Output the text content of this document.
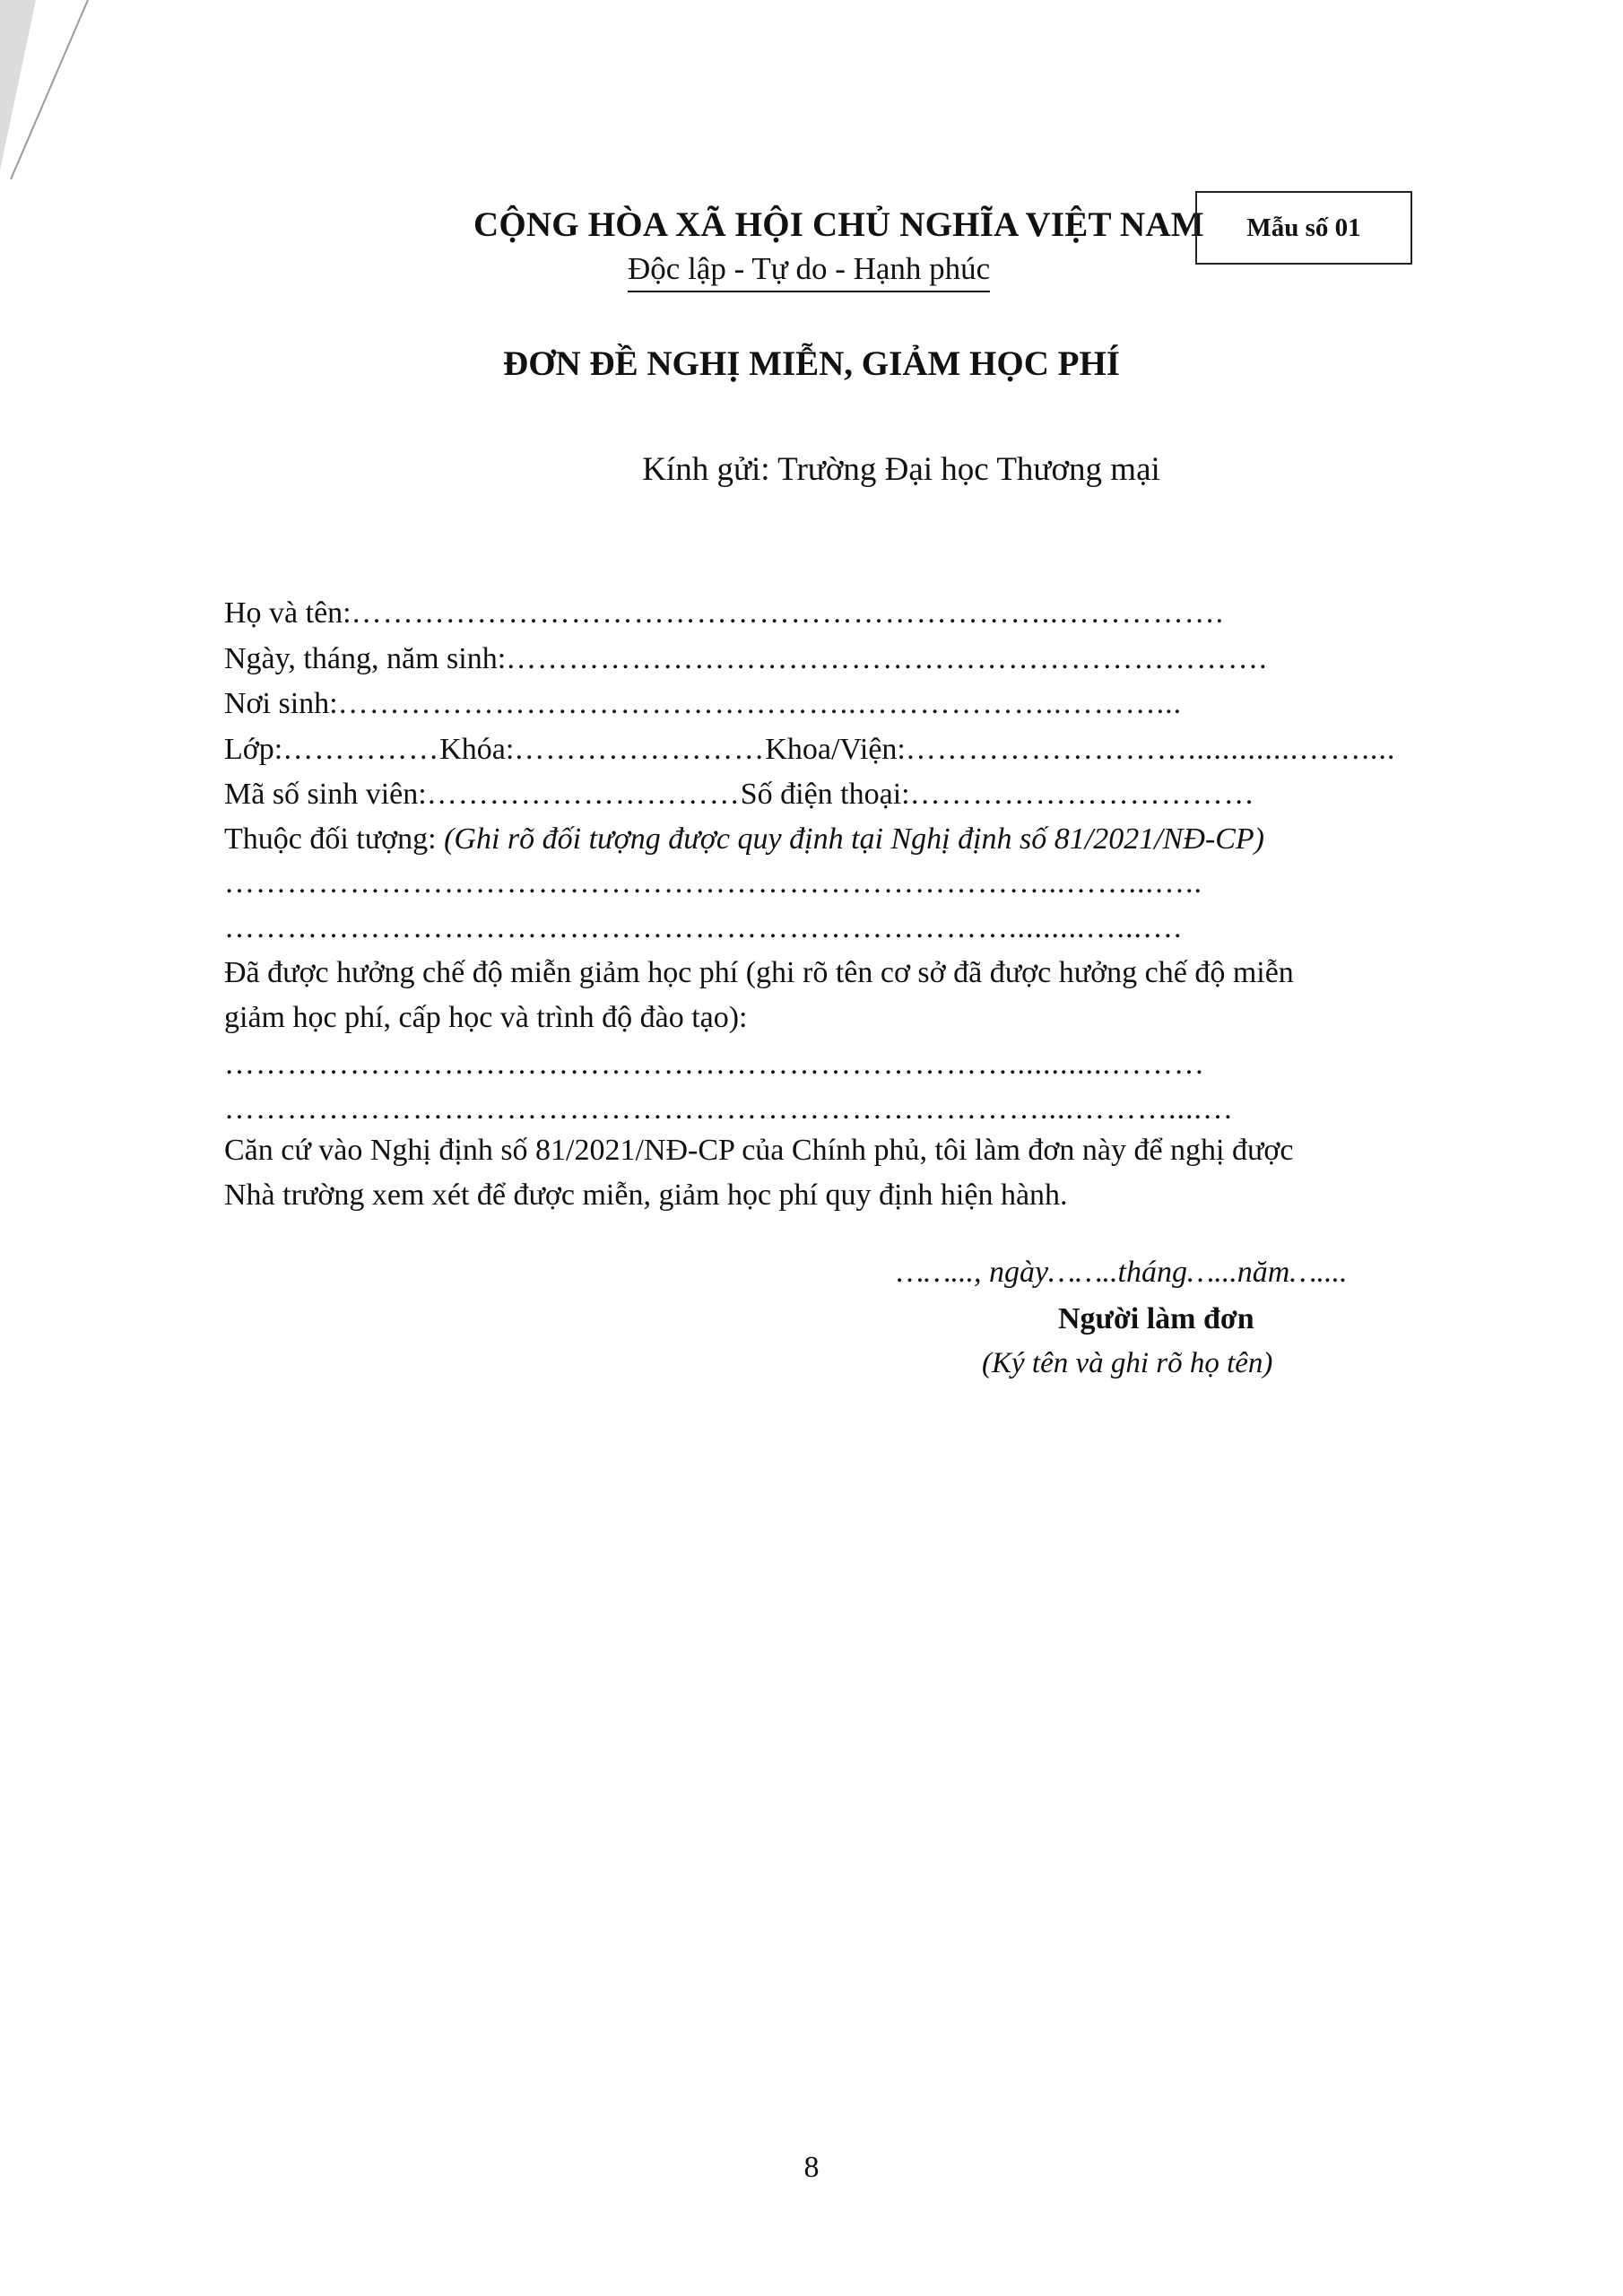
CỘNG HÒA XÃ HỘI CHỦ NGHĨA VIỆT NAM
Độc lập - Tự do - Hạnh phúc
Mẫu số 01
ĐƠN ĐỀ NGHỊ MIỄN, GIẢM HỌC PHÍ
Kính gửi: Trường Đại học Thương mại
Họ và tên:…………………………………………………………..…………….
Ngày, tháng, năm sinh:……………………………………………………………….
Nơi sinh:…………………………………………..………………..………...
Lớp:……………Khóa:……………………Khoa/Viện:……………………….............……....
Mã số sinh viên:…………………………Số điện thoại:……………………………
Thuộc đối tượng: (Ghi rõ đối tượng được quy định tại Nghị định số 81/2021/NĐ-CP)
……………………………………………………………………...……...…..
………………………………………………………………….........…...….
Đã được hưởng chế độ miễn giảm học phí (ghi rõ tên cơ sở đã được hưởng chế độ miễn
giảm học phí, cấp học và trình độ đào tạo):
…………………………………………………………………............………
……………………………………………………………………....………....…
Căn cứ vào Nghị định số 81/2021/NĐ-CP của Chính phủ, tôi làm đơn này để nghị được
Nhà trường xem xét để được miễn, giảm học phí quy định hiện hành.
……..., ngày……..tháng…...năm…....
Người làm đơn
(Ký tên và ghi rõ họ tên)
8
